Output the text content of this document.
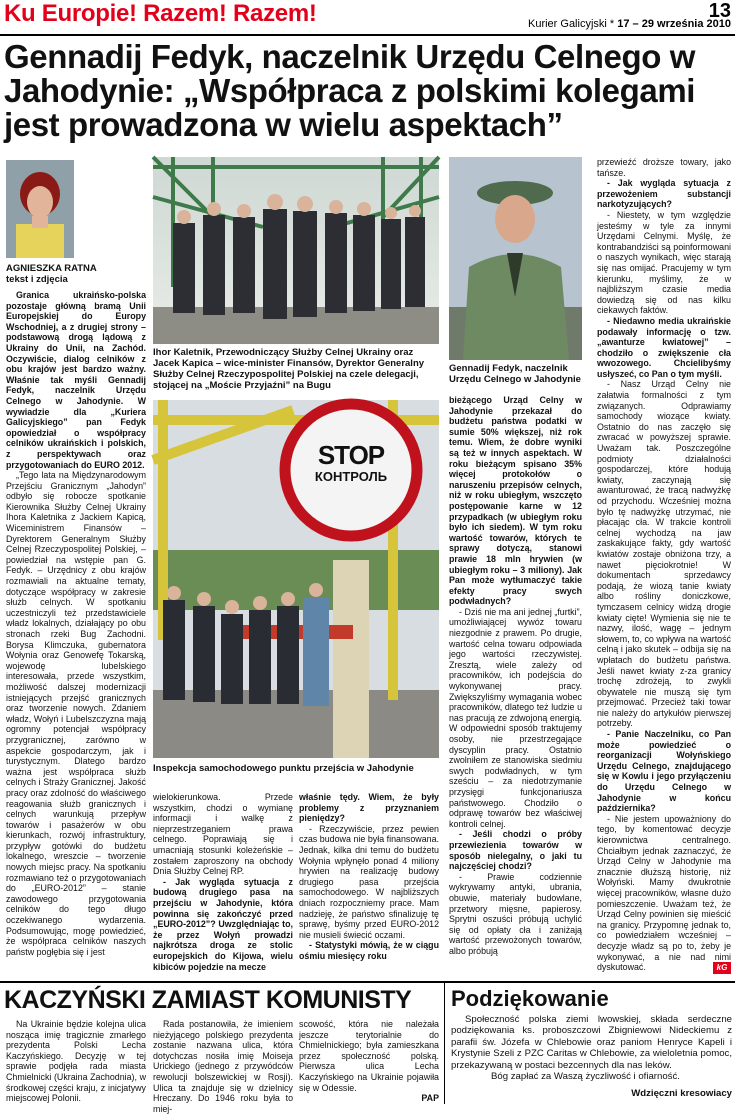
Ku Europie! Razem! Razem!	13
Kurier Galicyjski * 17 – 29 września 2010
Gennadij Fedyk, naczelnik Urzędu Celnego w Jahodynie: „Współpraca z polskimi kolegami jest prowadzona w wielu aspektach”
AGNIESZKA RATNA
tekst i zdjęcia

Granica ukraińsko-polska pozostaje główną bramą Unii Europejskiej do Europy Wschodniej, a z drugiej strony – podstawową drogą lądową z Ukrainy do Unii, na Zachód. Oczywiście, dialog celników z obu krajów jest bardzo ważny. Właśnie tak myśli Gennadij Fedyk, naczelnik Urzędu Celnego w Jahodynie. W wywiadzie dla „Kuriera Galicyjskiego” pan Fedyk opowiedział o współpracy celników ukraińskich i polskich, z perspektywach oraz przygotowaniach do EURO 2012.

„Tego lata na Międzynarodowym Przejściu Granicznym „Jahodyn” odbyło się robocze spotkanie Kierownika Służby Celnej Ukrainy Ihora Kaletnika z Jackiem Kapicą, Wiceministrem Finansów – Dyrektorem Generalnym Służby Celnej Rzeczypospolitej Polskiej, – powiedział na wstępie pan G. Fedyk. – Urzędnicy z obu krajów rozmawiali na aktualne tematy, dotyczące współpracy w zakresie służb celnych. W spotkaniu uczestniczyli też przedstawiciele władz lokalnych, działający po obu stronach rzeki Bug Zachodni. Borysa Klimczuka, gubernatora Wołynia oraz Genowefę Tokarską, wojewodę lubelskiego interesowała, przede wszystkim, możliwość dalszej modernizacji istniejących przejść granicznych oraz tworzenie nowych. Zdaniem władz, Wołyń i Lubelszczyzna mają ogromny potencjał współpracy przygranicznej, zarówno w aspekcie gospodarczym, jak i turystycznym. Dlatego bardzo ważna jest współpraca służb celnych i Straży Granicznej. Jakość pracy oraz zdolność do właściwego reagowania służb granicznych i celnych warunkują przepływ towarów i pasażerów w obu kierunkach, rozwój infrastruktury, przypływ gotówki do budżetu lokalnego, wreszcie – tworzenie nowych miejsc pracy. Na spotkaniu rozmawiano też o przygotowaniach do „EURO-2012” – stanie zawodowego przygotowania celników do tego długo oczekiwanego wydarzenia. Podsumowując, mogę powiedzieć, że współpraca celników naszych państw pogłębia się i jest

Ihor Kaletnik, Przewodniczący Służby Celnej Ukrainy oraz Jacek Kapica – wice-minister Finansów, Dyrektor Generalny Służby Celnej Rzeczypospolitej Polskiej na czele delegacji, stojącej na „Moście Przyjaźni” na Bugu
Gennadij Fedyk, naczelnik Urzędu Celnego w Jahodynie
STOP
КОНТРОЛЬ
Inspekcja samochodowego punktu przejścia w Jahodynie

wielokierunkowa. Przede wszystkim, chodzi o wymianę informacji i walkę z nieprzestrzeganiem prawa celnego. Poprawiają się i umacniają stosunki koleżeńskie – zostałem zaproszony na obchody Dnia Służby Celnej RP.

- Jak wygląda sytuacja z budową drugiego pasa na przejściu w Jahodynie, która powinna się zakończyć przed „EURO-2012”? Uwzględniając to, że przez Wołyń prowadzi najkrótsza droga ze stolic europejskich do Kijowa, wielu kibiców pojedzie na mecze

właśnie tędy. Wiem, że były problemy z przyznaniem pieniędzy?

- Rzeczywiście, przez pewien czas budowa nie była finansowana. Jednak, kilka dni temu do budżetu Wołynia wpłynęło ponad 4 miliony hrywien na realizację budowy drugiego pasa przejścia samochodowego. W najbliższych dniach rozpoczniemy prace. Mam nadzieję, że państwo sfinalizuję tę sprawę, byśmy przed EURO-2012 nie musieli świecić oczami.

- Statystyki mówią, że w ciągu ośmiu miesięcy roku

bieżącego Urząd Celny w Jahodynie przekazał do budżetu państwa podatki w sumie 50% większej, niż rok temu. Wiem, że dobre wyniki są też w innych aspektach. W roku bieżącym spisano 35% więcej protokołów o naruszeniu przepisów celnych, niż w roku ubiegłym, wszczęto postępowanie karne w 12 przypadkach (w ubiegłym roku było ich siedem). W tym roku wartość towarów, których te sprawy dotyczą, stanowi prawie 18 mln hrywien (w ubiegłym roku – 3 miliony). Jak Pan może wytłumaczyć takie efekty pracy swych podwładnych?

- Dziś nie ma ani jednej „furtki”, umożliwiającej wywóz towaru niezgodnie z prawem. Po drugie, wartość celna towaru odpowiada jego wartości rzeczywistej. Zresztą, wiele zależy od pracowników, ich podejścia do wykonywanej pracy. Zwiększyliśmy wymagania wobec pracowników, dlatego też ludzie u nas pracują ze zdwojoną energią. W odpowiedni sposób traktujemy osoby, nie przestrzegające dyscyplin pracy. Ostatnio zwolniłem ze stanowiska siedmiu swych podwładnych, w tym sześciu – za niedotrzymanie przysięgi funkcjonariusza państwowego. Chodziło o odprawę towarów bez właściwej kontroli celnej.

- Jeśli chodzi o próby przewiezienia towarów w sposób nielegalny, o jaki tu najczęściej chodzi?

- Prawie codziennie wykrywamy antyki, ubrania, obuwie, materiały budowlane, przetwory mięsne, papierosy. Sprytni oszuści próbują uchylić się od opłaty cła i zaniżają wartość przewożonych towarów, albo próbują

przewieźć droższe towary, jako tańsze.

- Jak wygląda sytuacja z przewożeniem substancji narkotyzujących?

- Niestety, w tym względzie jesteśmy w tyle za innymi Urzędami Celnymi. Myślę, że kontrabandziści są poinformowani o naszych wynikach, więc starają się nas omijać. Pracujemy w tym kierunku, myślimy, że w najbliższym czasie media dowiedzą się od nas kilku ciekawych faktów.

- Niedawno media ukraińskie podawały informację o tzw. „awanturze kwiatowej” – chodziło o zwiększenie cła wwozowego. Chcielibyśmy usłyszeć, co Pan o tym myśli.

- Nasz Urząd Celny nie załatwia formalności z tym związanych. Odprawiamy samochody wiozące kwiaty. Ostatnio do nas zaczęło się zwracać w powyższej sprawie. Uważam tak. Poszczególne podmioty działalności gospodarczej, które hodują kwiaty, zaczynają się awanturować, że tracą nadwyżkę od przychodu. Wcześniej można było tę nadwyżkę utrzymać, nie płacając cła. W trakcie kontroli celnej wychodzą na jaw zaskakujące fakty, gdy wartość kwiatów zostaje obniżona trzy, a nawet pięciokrotnie! W dokumentach sprzedawcy podają, że wiozą tanie kwiaty albo rośliny doniczkowe, tymczasem celnicy widzą drogie kwiaty cięte! Wymienia się nie te nazwy, ilość, wagę – jednym słowem, to, co wpływa na wartość celną i jako skutek – odbija się na wpłatach do budżetu państwa. Jeśli nawet kwiaty z-za granicy trochę zdrożeją, to zwykli obywatele nie muszą się tym przejmować. Przecież taki towar nie należy do artykułów pierwszej potrzeby.

- Panie Naczelniku, co Pan może powiedzieć o reorganizacji Wołyńskiego Urzędu Celnego, znajdującego się w Kowlu i jego przyłączeniu do Urzędu Celnego w Jahodynie w końcu października?

- Nie jestem upoważniony do tego, by komentować decyzje kierownictwa centralnego. Chciałbym jednak zaznaczyć, że Urząd Celny w Jahodynie ma znacznie dłuższą historię, niż Wołyński. Mamy dwukrotnie więcej pracowników, własne dużo pomieszczenie. Uważam też, że Urząd Celny powinien się mieścić na granicy. Przypomnę jednak to, co powiedziałem wcześniej – decyzje władz są po to, żeby je wykonywać, a nie nad nimi dyskutować.	kG
KACZYŃSKI ZAMIAST KOMUNISTY

Na Ukrainie będzie kolejna ulica nosząca imię tragicznie zmarłego prezydenta Polski Lecha Kaczyńskiego. Decyzję w tej sprawie podjęła rada miasta Chmielnicki (Ukraina Zachodnia), w środkowej części kraju, z inicjatywy miejscowej Polonii.

Rada postanowiła, że imieniem nieżyjącego polskiego prezydenta zostanie nazwana ulica, która dotychczas nosiła imię Moiseja Urickiego (jednego z przywódców rewolucji bolszewickiej w Rosji). Ulica ta znajduje się w dzielnicy Hreczany. Do 1946 roku była to miej-

scowość, która nie należała jeszcze terytorialnie do Chmielnickiego; była zamieszkana przez społeczność polską. Pierwsza ulica Lecha Kaczyńskiego na Ukrainie pojawiła się w Odessie.

PAP
Podziękowanie
Społeczność polska ziemi lwowskiej, składa serdeczne podziękowania ks. proboszczowi Zbigniewowi Nideckiemu z parafii św. Józefa w Chlebowie oraz paniom Henryce Kapeli i Krystynie Szeli z PZC Caritas w Chlebowie, za wieloletnia pomoc, przekazywaną w postaci bezcennych dla nas leków.
Bóg zapłać za Waszą życzliwość i ofiarność.
Wdzięczni kresowiacy
